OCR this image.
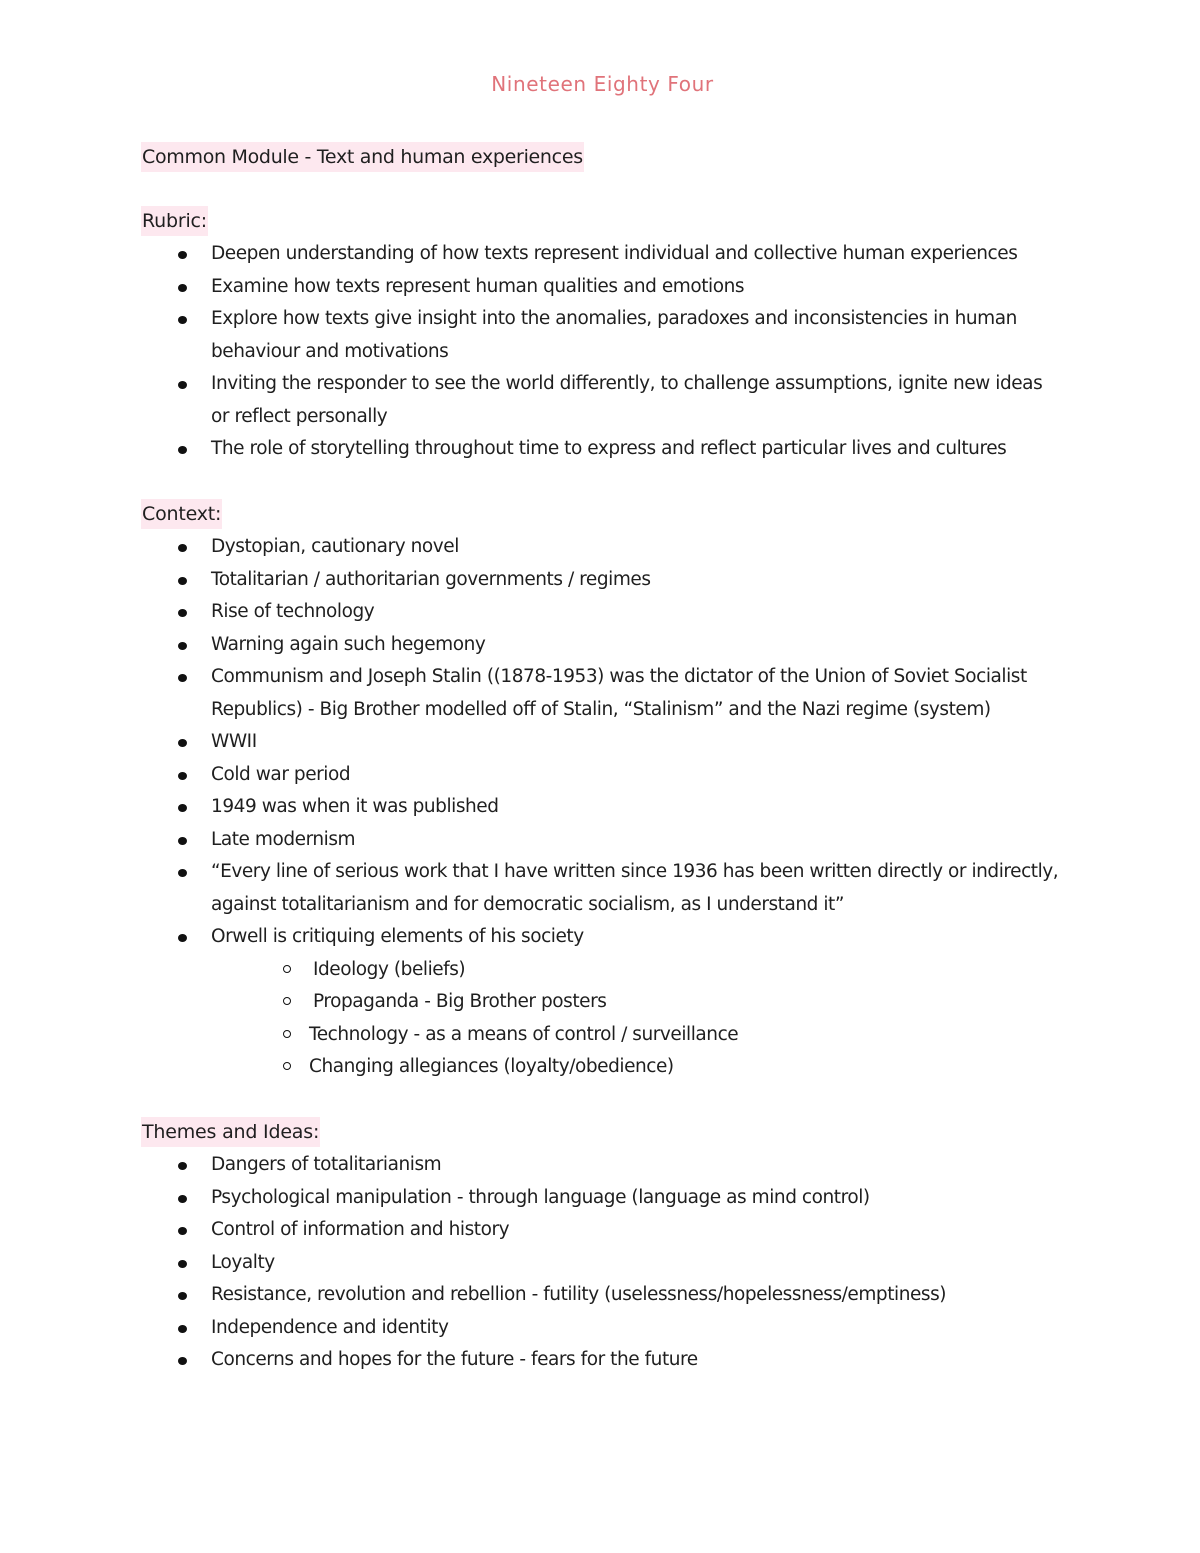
Nineteen Eighty Four
Common Module - Text and human experiences
Rubric:
Deepen understanding of how texts represent individual and collective human experiences
Examine how texts represent human qualities and emotions
Explore how texts give insight into the anomalies, paradoxes and inconsistencies in human behaviour and motivations
Inviting the responder to see the world differently, to challenge assumptions, ignite new ideas or reflect personally
The role of storytelling throughout time to express and reflect particular lives and cultures
Context:
Dystopian, cautionary novel
Totalitarian / authoritarian governments / regimes
Rise of technology
Warning again such hegemony
Communism and Joseph Stalin ((1878-1953) was the dictator of the Union of Soviet Socialist Republics) - Big Brother modelled off of Stalin, “Stalinism” and the Nazi regime (system)
WWII
Cold war period
1949 was when it was published
Late modernism
“Every line of serious work that I have written since 1936 has been written directly or indirectly, against totalitarianism and for democratic socialism, as I understand it”
Orwell is critiquing elements of his society
Ideology (beliefs)
Propaganda - Big Brother posters
Technology - as a means of control / surveillance
Changing allegiances (loyalty/obedience)
Themes and Ideas:
Dangers of totalitarianism
Psychological manipulation - through language (language as mind control)
Control of information and history
Loyalty
Resistance, revolution and rebellion - futility (uselessness/hopelessness/emptiness)
Independence and identity
Concerns and hopes for the future - fears for the future
